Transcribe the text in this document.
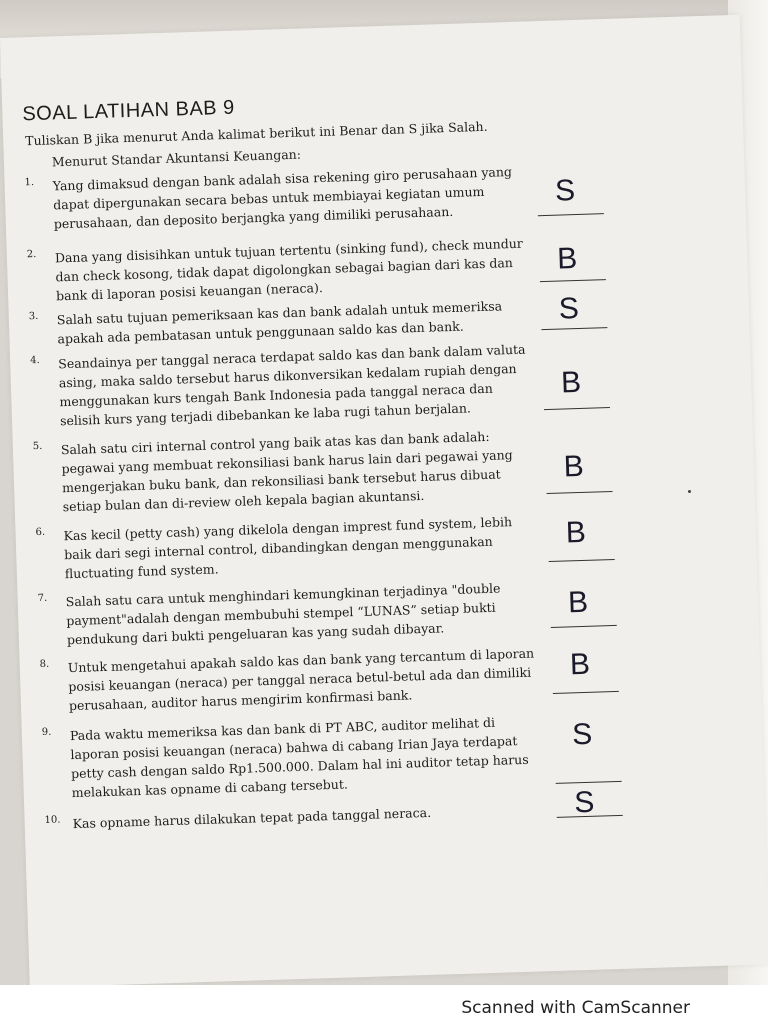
SOAL LATIHAN BAB 9
Tuliskan B jika menurut Anda kalimat berikut ini Benar dan S jika Salah.
Menurut Standar Akuntansi Keuangan:
1.	Yang dimaksud dengan bank adalah sisa rekening giro perusahaan yang
dapat dipergunakan secara bebas untuk membiayai kegiatan umum
perusahaan, dan deposito berjangka yang dimiliki perusahaan.
S
2.	Dana yang disisihkan untuk tujuan tertentu (sinking fund), check mundur
dan check kosong, tidak dapat digolongkan sebagai bagian dari kas dan
bank di laporan posisi keuangan (neraca).
B
3.	Salah satu tujuan pemeriksaan kas dan bank adalah untuk memeriksa
apakah ada pembatasan untuk penggunaan saldo kas dan bank.
S
4.	Seandainya per tanggal neraca terdapat saldo kas dan bank dalam valuta
asing, maka saldo tersebut harus dikonversikan kedalam rupiah dengan
menggunakan kurs tengah Bank Indonesia pada tanggal neraca dan
selisih kurs yang terjadi dibebankan ke laba rugi tahun berjalan.
B
5.	Salah satu ciri internal control yang baik atas kas dan bank adalah:
pegawai yang membuat rekonsiliasi bank harus lain dari pegawai yang
mengerjakan buku bank, dan rekonsiliasi bank tersebut harus dibuat
setiap bulan dan di-review oleh kepala bagian akuntansi.
B
6.	Kas kecil (petty cash) yang dikelola dengan imprest fund system, lebih
baik dari segi internal control, dibandingkan dengan menggunakan
fluctuating fund system.
B
7.	Salah satu cara untuk menghindari kemungkinan terjadinya "double
payment"adalah dengan membubuhi stempel “LUNAS” setiap bukti
pendukung dari bukti pengeluaran kas yang sudah dibayar.
B
8.	Untuk mengetahui apakah saldo kas dan bank yang tercantum di laporan
posisi keuangan (neraca) per tanggal neraca betul-betul ada dan dimiliki
perusahaan, auditor harus mengirim konfirmasi bank.
B
9.	Pada waktu memeriksa kas dan bank di PT ABC, auditor melihat di
laporan posisi keuangan (neraca) bahwa di cabang Irian Jaya terdapat
petty cash dengan saldo Rp1.500.000. Dalam hal ini auditor tetap harus
melakukan kas opname di cabang tersebut.
S
10. Kas opname harus dilakukan tepat pada tanggal neraca.	S
Scanned with CamScanner
